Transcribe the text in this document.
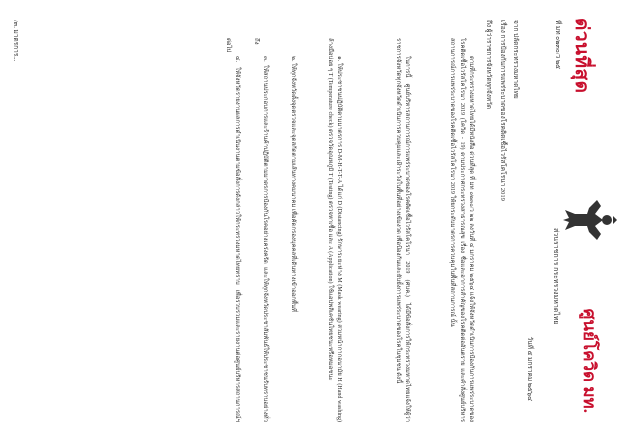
ด่วนที่สุด
ศูนย์โควิด มท.
ส่วนราชการ กระทรวงมหาดไทย
ที่ มท ๐๒๓๐/ว ๒๕
วันที่ ๕ มกราคม ๒๕๖๔
จาก ปลัดกระทรวงมหาดไทย
เรื่อง การป้องกันการแพร่ระบาดของโรคติดเชื้อไวรัสโคโรนา 2019
ถึง ผู้ว่าราชการจังหวัดทุกจังหวัด
ตามที่กระทรวงมหาดไทยได้มีหนังสือ ด่วนที่สุด ที่ มท ๐๒๓๐/ว ๒๒ ลงวันที่ ๔ มกราคม ๒๕๖๔ แจ้งให้จังหวัดดำเนินการป้องกันการแพร่ระบาดของโรคติดเชื้อไวรัสโคโรนา 2019 (โควิด - 19) ตามประกาศกระทรวงสาธารณสุข เรื่อง ชื่อและอาการสำคัญของโรคติดต่ออันตราย และคำสั่งศูนย์บริหารสถานการณ์การแพร่ระบาดของโรคติดเชื้อไวรัสโคโรนา 2019 ให้ยกระดับมาตรการควบคุมในพื้นที่สถานการณ์ นั้น
ในการนี้ ศูนย์บริหารสถานการณ์การแพร่ระบาดของโรคติดเชื้อไวรัสโคโรนา 2019 (ศบค.) ได้มีข้อสั่งการให้กระทรวงมหาดไทยแจ้งให้ผู้ว่าราชการจังหวัดทุกจังหวัดดำเนินการควบคุมและเฝ้าระวังในพื้นที่อย่างเข้มงวด เพื่อป้องกันและยับยั้งการแพร่ระบาดของโรคในชุมชน ดังนี้
๑. ให้ประชาชนปฏิบัติตามมาตรการ D-M-H-T-T-A ได้แก่ D (Distancing) รักษาระยะห่าง M (Mask wearing) สวมหน้ากากอนามัย H (Hand washing) ล้างมือบ่อย ๆ T (Temperature check) ตรวจวัดอุณหภูมิ T (Testing) ตรวจหาเชื้อ และ A (Application) ใช้แอปพลิเคชันไทยชนะหรือหมอชนะ
๒. ให้ทุกจังหวัดตั้งจุดตรวจและจุดสกัดตามเส้นทางคมนาคม เพื่อคัดกรองบุคคลที่เดินทางเข้าออกพื้นที่
๓. ให้สถานประกอบการและร้านค้าปฏิบัติตามมาตรการป้องกันโรคอย่างเคร่งครัด และให้ทุกจังหวัดประชาสัมพันธ์ให้ประชาชนรับทราบอย่างทั่วถึง
๔. ให้จังหวัดรายงานผลการดำเนินงานตามข้อสั่งการดังกล่าวให้กระทรวงมหาดไทยทราบ เพื่อรวบรวมและรายงานต่อศูนย์บริหารสถานการณ์ฯ ต่อไป
/๓. มาตรการ...
